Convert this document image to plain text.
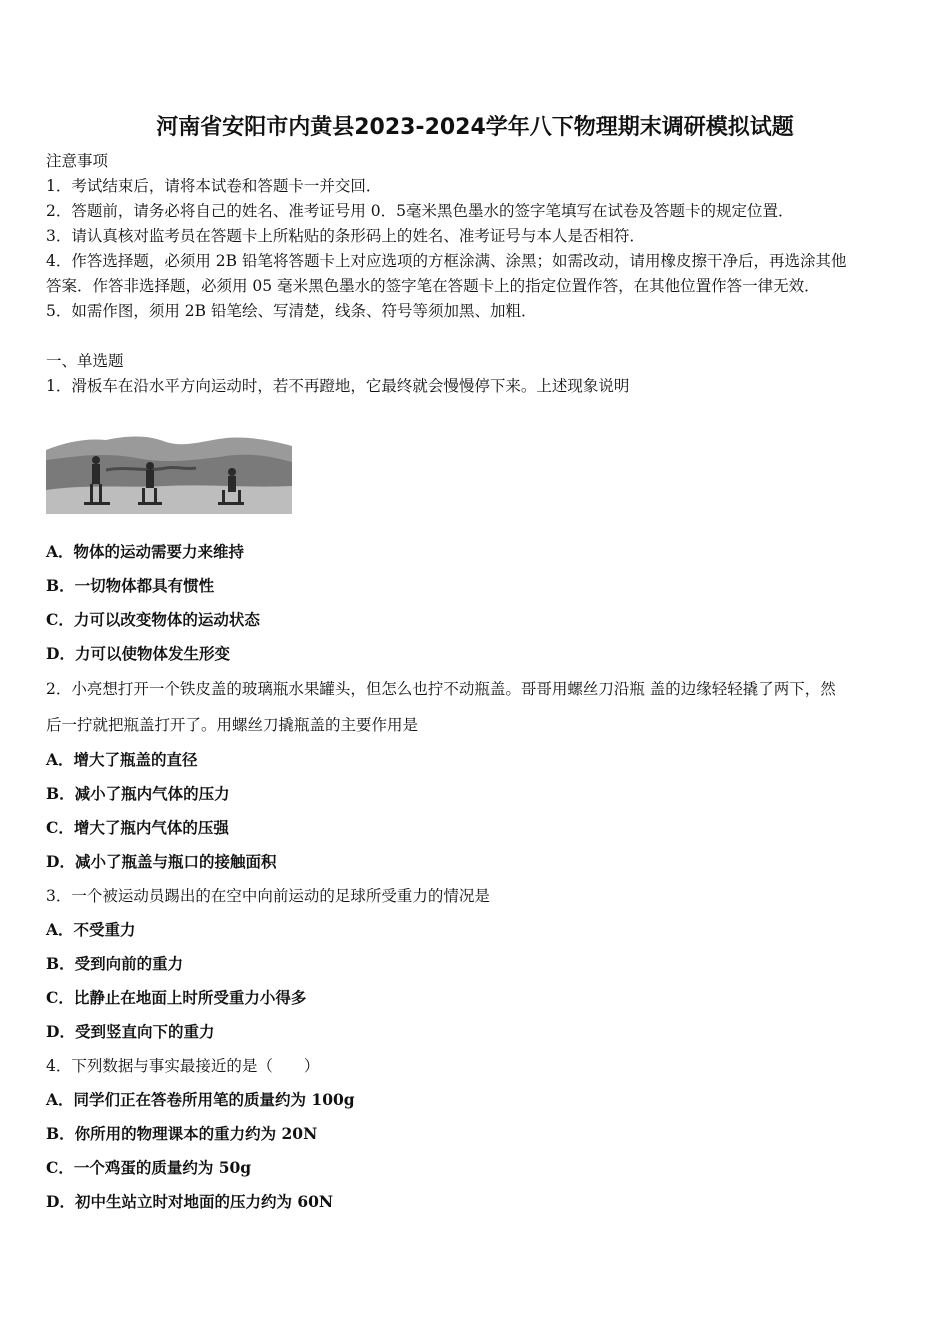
河南省安阳市内黄县2023-2024学年八下物理期末调研模拟试题
注意事项
1．考试结束后，请将本试卷和答题卡一并交回．
2．答题前，请务必将自己的姓名、准考证号用 0．5毫米黑色墨水的签字笔填写在试卷及答题卡的规定位置．
3．请认真核对监考员在答题卡上所粘贴的条形码上的姓名、准考证号与本人是否相符．
4．作答选择题，必须用 2B 铅笔将答题卡上对应选项的方框涂满、涂黑；如需改动，请用橡皮擦干净后，再选涂其他
答案．作答非选择题，必须用 05 毫米黑色墨水的签字笔在答题卡上的指定位置作答，在其他位置作答一律无效．
5．如需作图，须用 2B 铅笔绘、写清楚，线条、符号等须加黑、加粗．
一、单选题
1．滑板车在沿水平方向运动时，若不再蹬地，它最终就会慢慢停下来。上述现象说明
A．物体的运动需要力来维持
B．一切物体都具有惯性
C．力可以改变物体的运动状态
D．力可以使物体发生形变
2．小亮想打开一个铁皮盖的玻璃瓶水果罐头，但怎么也拧不动瓶盖。哥哥用螺丝刀沿瓶 盖的边缘轻轻撬了两下，然
后一拧就把瓶盖打开了。用螺丝刀撬瓶盖的主要作用是
A．增大了瓶盖的直径
B．减小了瓶内气体的压力
C．增大了瓶内气体的压强
D．减小了瓶盖与瓶口的接触面积
3．一个被运动员踢出的在空中向前运动的足球所受重力的情况是
A．不受重力
B．受到向前的重力
C．比静止在地面上时所受重力小得多
D．受到竖直向下的重力
4．下列数据与事实最接近的是（　　）
A．同学们正在答卷所用笔的质量约为 100g
B．你所用的物理课本的重力约为 20N
C．一个鸡蛋的质量约为 50g
D．初中生站立时对地面的压力约为 60N
